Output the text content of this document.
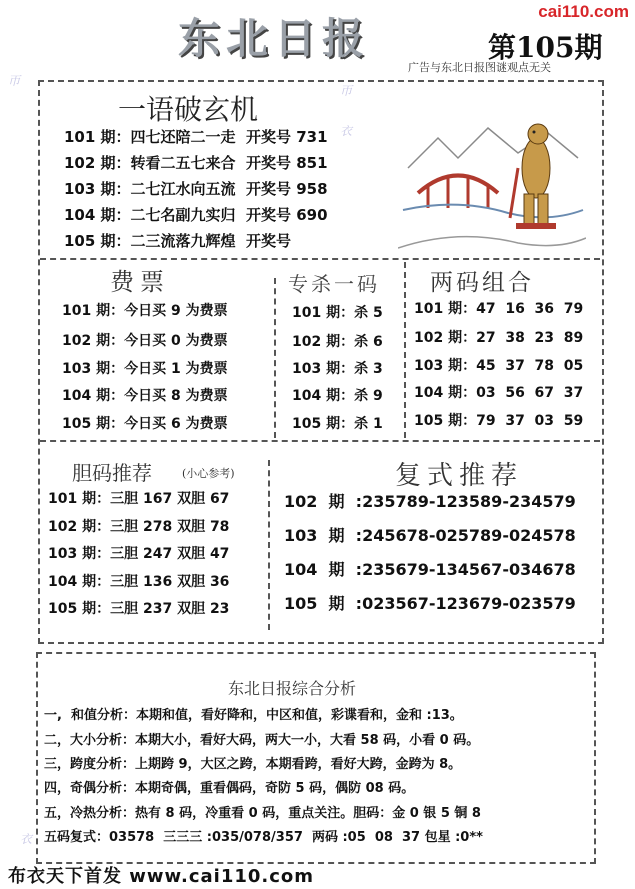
东北日报
cai110.com
第105期
广告与东北日报图谜观点无关
帀
帀
衣
衣
一语破玄机
101 期：四七还陪二一走  开奖号 731
102 期：转看二五七来合  开奖号 851
103 期：二七江水向五流  开奖号 958
104 期：二七名副九实归  开奖号 690
105 期：二三流落九辉煌  开奖号
费票
101 期：今日买 9 为费票
102 期：今日买 0 为费票
103 期：今日买 1 为费票
104 期：今日买 8 为费票
105 期：今日买 6 为费票
专杀一码
101 期：杀 5
102 期：杀 6
103 期：杀 3
104 期：杀 9
105 期：杀 1
两码组合
101 期：47  16  36  79
102 期：27  38  23  89
103 期：45  37  78  05
104 期：03  56  67  37
105 期：79  37  03  59
胆码推荐	(小心参考)
101 期：三胆 167 双胆 67
102 期：三胆 278 双胆 78
103 期：三胆 247 双胆 47
104 期：三胆 136 双胆 36
105 期：三胆 237 双胆 23
复式推荐
102  期  :235789-123589-234579
103  期  :245678-025789-024578
104  期  :235679-134567-034678
105  期  :023567-123679-023579
东北日报综合分析
一,  和值分析：本期和值，看好降和，中区和值，彩谍看和，金和 :13。
二，大小分析：本期大小，看好大码，两大一小，大看 58 码，小看 0 码。
三，跨度分析：上期跨 9，大区之跨，本期看跨，看好大跨，金跨为 8。
四，奇偶分析：本期奇偶，重看偶码，奇防 5 码，偶防 08 码。
五，冷热分析：热有 8 码，冷重看 0 码，重点关注。胆码：金 0 银 5 铜 8
五码复式：03578  三三三 :035/078/357  两码 :05  08  37 包星 :0**
布衣天下首发 www.cai110.com
